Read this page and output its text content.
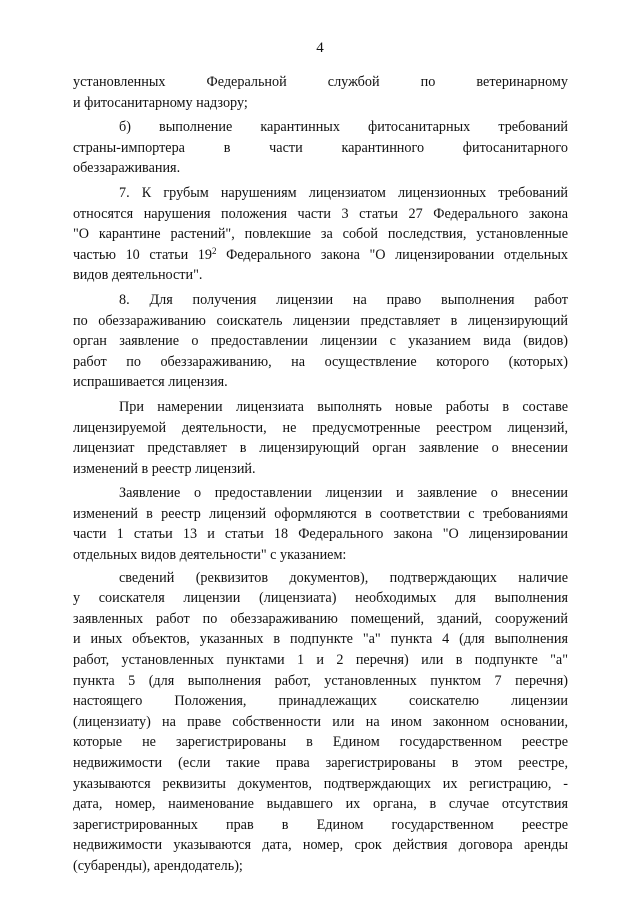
4

установленных Федеральной службой по ветеринарному
и фитосанитарному надзору;

б) выполнение карантинных фитосанитарных требований
страны-импортера в части карантинного фитосанитарного
обеззараживания.

7. К грубым нарушениям лицензиатом лицензионных требований
относятся нарушения положения части 3 статьи 27 Федерального закона
"О карантине растений", повлекшие за собой последствия, установленные
частью 10 статьи $19^2$ Федерального закона "О лицензировании отдельных
видов деятельности".

8. Для получения лицензии на право выполнения работ
по обеззараживанию соискатель лицензии представляет в лицензирующий
орган заявление о предоставлении лицензии с указанием вида (видов)
работ по обеззараживанию, на осуществление которого (которых)
испрашивается лицензия.

При намерении лицензиата выполнять новые работы в составе
лицензируемой деятельности, не предусмотренные реестром лицензий,
лицензиат представляет в лицензирующий орган заявление о внесении
изменений в реестр лицензий.

Заявление о предоставлении лицензии и заявление о внесении
изменений в реестр лицензий оформляются в соответствии с требованиями
части 1 статьи 13 и статьи 18 Федерального закона "О лицензировании
отдельных видов деятельности" с указанием:

сведений (реквизитов документов), подтверждающих наличие
у соискателя лицензии (лицензиата) необходимых для выполнения
заявленных работ по обеззараживанию помещений, зданий, сооружений
и иных объектов, указанных в подпункте "а" пункта 4 (для выполнения
работ, установленных пунктами 1 и 2 перечня) или в подпункте "а"
пункта 5 (для выполнения работ, установленных пунктом 7 перечня)
настоящего Положения, принадлежащих соискателю лицензии
(лицензиату) на праве собственности или на ином законном основании,
которые не зарегистрированы в Едином государственном реестре
недвижимости (если такие права зарегистрированы в этом реестре,
указываются реквизиты документов, подтверждающих их регистрацию, -
дата, номер, наименование выдавшего их органа, в случае отсутствия
зарегистрированных прав в Едином государственном реестре
недвижимости указываются дата, номер, срок действия договора аренды
(субаренды), арендодатель);
